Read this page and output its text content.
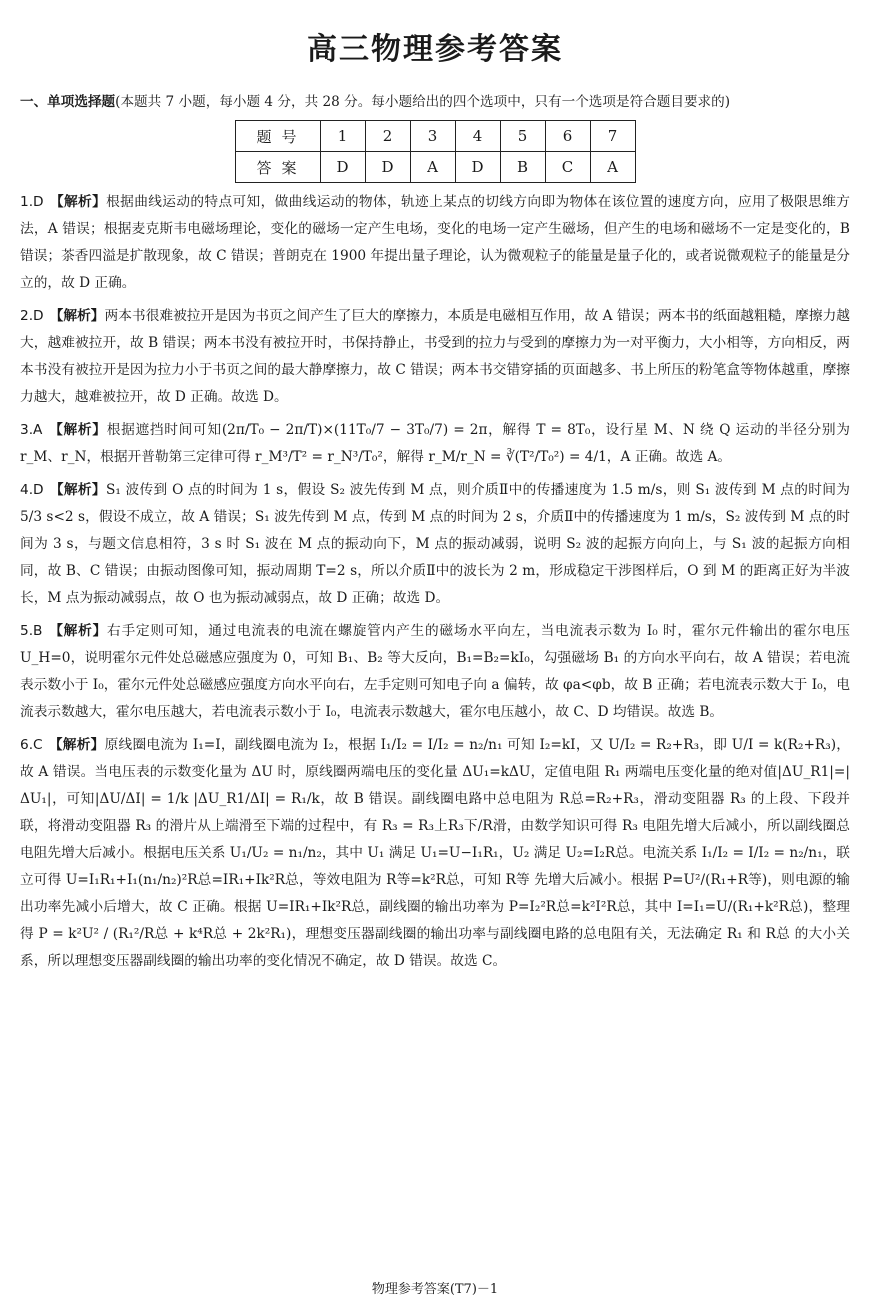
高三物理参考答案
一、单项选择题(本题共 7 小题，每小题 4 分，共 28 分。每小题给出的四个选项中，只有一个选项是符合题目要求的)
题号	1	2	3	4	5	6	7
答案	D	D	A	D	B	C	A
1.D 【解析】根据曲线运动的特点可知，做曲线运动的物体，轨迹上某点的切线方向即为物体在该位置的速度方向，应用了极限思维方法，A 错误；根据麦克斯韦电磁场理论，变化的磁场一定产生电场，变化的电场一定产生磁场，但产生的电场和磁场不一定是变化的，B 错误；茶香四溢是扩散现象，故 C 错误；普朗克在 1900 年提出量子理论，认为微观粒子的能量是量子化的，或者说微观粒子的能量是分立的，故 D 正确。
2.D 【解析】两本书很难被拉开是因为书页之间产生了巨大的摩擦力，本质是电磁相互作用，故 A 错误；两本书的纸面越粗糙，摩擦力越大，越难被拉开，故 B 错误；两本书没有被拉开时，书保持静止，书受到的拉力与受到的摩擦力为一对平衡力，大小相等，方向相反，两本书没有被拉开是因为拉力小于书页之间的最大静摩擦力，故 C 错误；两本书交错穿插的页面越多、书上所压的粉笔盒等物体越重，摩擦力越大，越难被拉开，故 D 正确。故选 D。
3.A 【解析】根据遮挡时间可知(2π/T₀ − 2π/T)×(11T₀/7 − 3T₀/7) = 2π，解得 T = 8T₀，设行星 M、N 绕 Q 运动的半径分别为 r_M、r_N，根据开普勒第三定律可得 r_M³/T² = r_N³/T₀²，解得 r_M/r_N = ∛(T²/T₀²) = 4/1，A 正确。故选 A。
4.D 【解析】S₁ 波传到 O 点的时间为 1 s，假设 S₂ 波先传到 M 点，则介质Ⅱ中的传播速度为 1.5 m/s，则 S₁ 波传到 M 点的时间为 5/3 s<2 s，假设不成立，故 A 错误；S₁ 波先传到 M 点，传到 M 点的时间为 2 s，介质Ⅱ中的传播速度为 1 m/s，S₂ 波传到 M 点的时间为 3 s，与题文信息相符，3 s 时 S₁ 波在 M 点的振动向下，M 点的振动减弱，说明 S₂ 波的起振方向向上，与 S₁ 波的起振方向相同，故 B、C 错误；由振动图像可知，振动周期 T=2 s，所以介质Ⅱ中的波长为 2 m，形成稳定干涉图样后，O 到 M 的距离正好为半波长，M 点为振动减弱点，故 O 也为振动减弱点，故 D 正确；故选 D。
5.B 【解析】右手定则可知，通过电流表的电流在螺旋管内产生的磁场水平向左，当电流表示数为 I₀ 时，霍尔元件输出的霍尔电压 U_H=0，说明霍尔元件处总磁感应强度为 0，可知 B₁、B₂ 等大反向，B₁=B₂=kI₀，勾强磁场 B₁ 的方向水平向右，故 A 错误；若电流表示数小于 I₀，霍尔元件处总磁感应强度方向水平向右，左手定则可知电子向 a 偏转，故 φa<φb，故 B 正确；若电流表示数大于 I₀，电流表示数越大，霍尔电压越大，若电流表示数小于 I₀，电流表示数越大，霍尔电压越小，故 C、D 均错误。故选 B。
6.C 【解析】原线圈电流为 I₁=I，副线圈电流为 I₂，根据 I₁/I₂ = I/I₂ = n₂/n₁ 可知 I₂=kI，又 U/I₂ = R₂+R₃，即 U/I = k(R₂+R₃)，故 A 错误。当电压表的示数变化量为 ΔU 时，原线圈两端电压的变化量 ΔU₁=kΔU，定值电阻 R₁ 两端电压变化量的绝对值|ΔU_R1|=|ΔU₁|，可知|ΔU/ΔI| = 1/k |ΔU_R1/ΔI| = R₁/k，故 B 错误。副线圈电路中总电阻为 R总=R₂+R₃，滑动变阻器 R₃ 的上段、下段并联，将滑动变阻器 R₃ 的滑片从上端滑至下端的过程中，有 R₃ = R₃上R₃下/R滑，由数学知识可得 R₃ 电阻先增大后减小，所以副线圈总电阻先增大后减小。根据电压关系 U₁/U₂ = n₁/n₂，其中 U₁ 满足 U₁=U−I₁R₁，U₂ 满足 U₂=I₂R总。电流关系 I₁/I₂ = I/I₂ = n₂/n₁，联立可得 U=I₁R₁+I₁(n₁/n₂)²R总=IR₁+Ik²R总，等效电阻为 R等=k²R总，可知 R等 先增大后减小。根据 P=U²/(R₁+R等)，则电源的输出功率先减小后增大，故 C 正确。根据 U=IR₁+Ik²R总，副线圈的输出功率为 P=I₂²R总=k²I²R总，其中 I=I₁=U/(R₁+k²R总)，整理得 P = k²U² / (R₁²/R总 + k⁴R总 + 2k²R₁)，理想变压器副线圈的输出功率与副线圈电路的总电阻有关，无法确定 R₁ 和 R总 的大小关系，所以理想变压器副线圈的输出功率的变化情况不确定，故 D 错误。故选 C。
物理参考答案(T7)－1
